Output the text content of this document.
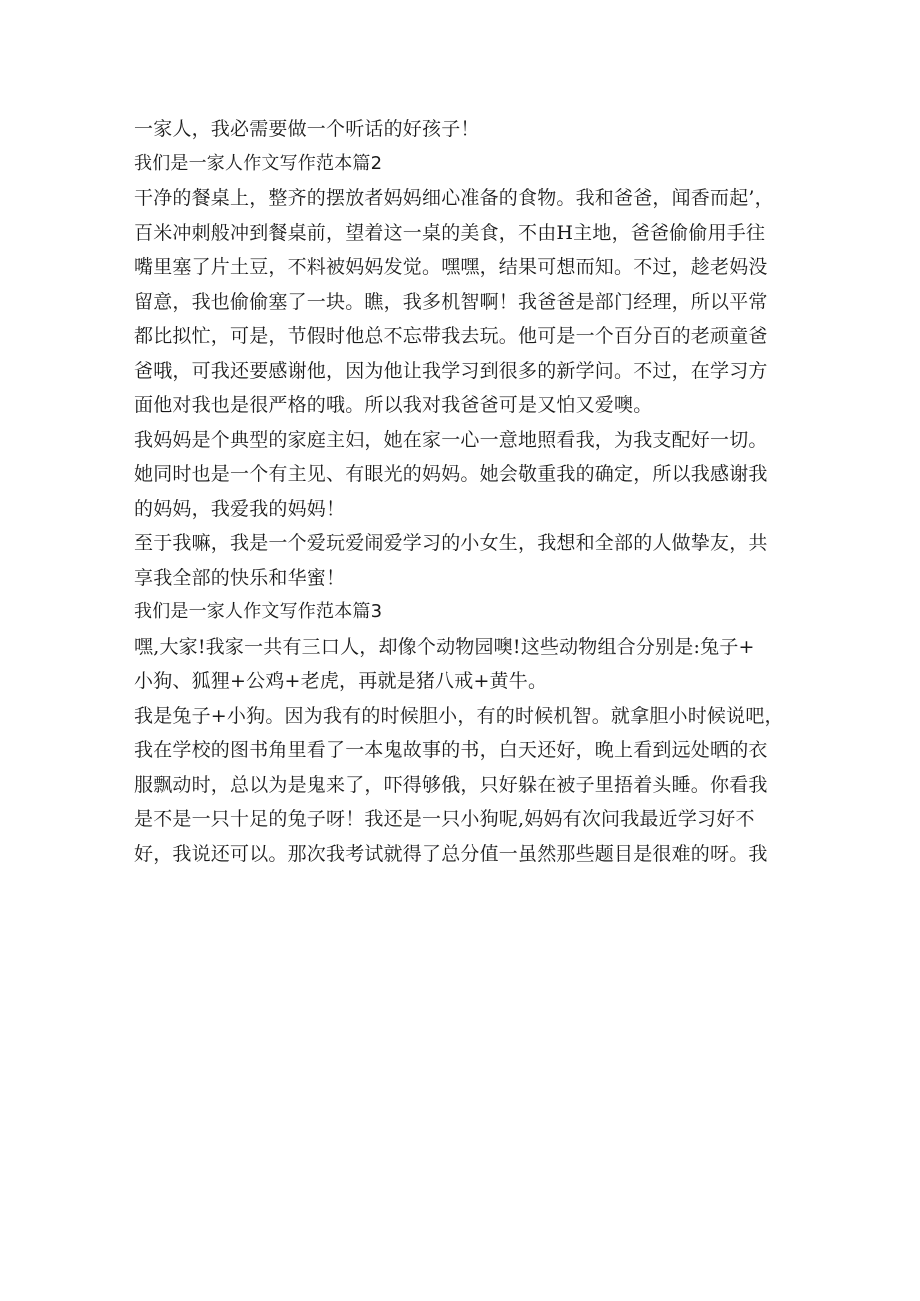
一家人，我必需要做一个听话的好孩子！

我们是一家人作文写作范本篇2

干净的餐桌上，整齐的摆放者妈妈细心准备的食物。我和爸爸，闻香而起’，

百米冲刺般冲到餐桌前，望着这一桌的美食，不由H主地，爸爸偷偷用手往

嘴里塞了片土豆，不料被妈妈发觉。嘿嘿，结果可想而知。不过，趁老妈没

留意，我也偷偷塞了一块。瞧，我多机智啊！我爸爸是部门经理，所以平常

都比拟忙，可是，节假时他总不忘带我去玩。他可是一个百分百的老顽童爸

爸哦，可我还要感谢他，因为他让我学习到很多的新学问。不过，在学习方

面他对我也是很严格的哦。所以我对我爸爸可是又怕又爱噢。

我妈妈是个典型的家庭主妇，她在家一心一意地照看我，为我支配好一切。

她同时也是一个有主见、有眼光的妈妈。她会敬重我的确定，所以我感谢我

的妈妈，我爱我的妈妈！

至于我嘛，我是一个爱玩爱闹爱学习的小女生，我想和全部的人做挚友，共

享我全部的快乐和华蜜！

我们是一家人作文写作范本篇3

嘿,大家!我家一共有三口人，却像个动物园噢!这些动物组合分别是:兔子+

小狗、狐狸+公鸡+老虎，再就是猪八戒+黄牛。

我是兔子+小狗。因为我有的时候胆小，有的时候机智。就拿胆小时候说吧，

我在学校的图书角里看了一本鬼故事的书，白天还好，晚上看到远处晒的衣

服飘动时，总以为是鬼来了，吓得够俄，只好躲在被子里捂着头睡。你看我

是不是一只十足的兔子呀！我还是一只小狗呢,妈妈有次问我最近学习好不

好，我说还可以。那次我考试就得了总分值一虽然那些题目是很难的呀。我
